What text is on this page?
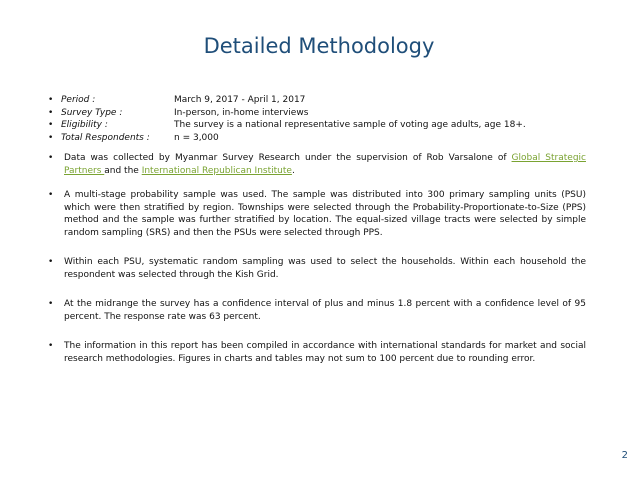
Detailed Methodology
• Period :	March 9, 2017 - April 1, 2017
• Survey Type :	In-person, in-home interviews
• Eligibility :	The survey is a national representative sample of voting age adults, age 18+.
• Total Respondents :	n = 3,000
•	Data was collected by Myanmar Survey Research under the supervision of Rob Varsalone of Global Strategic Partners and the International Republican Institute.
•	A multi-stage probability sample was used. The sample was distributed into 300 primary sampling units (PSU) which were then stratified by region. Townships were selected through the Probability-Proportionate-to-Size (PPS) method and the sample was further stratified by location. The equal-sized village tracts were selected by simple random sampling (SRS) and then the PSUs were selected through PPS.
•	Within each PSU, systematic random sampling was used to select the households. Within each household the respondent was selected through the Kish Grid.
•	At the midrange the survey has a confidence interval of plus and minus 1.8 percent with a confidence level of 95 percent. The response rate was 63 percent.
•	The information in this report has been compiled in accordance with international standards for market and social research methodologies. Figures in charts and tables may not sum to 100 percent due to rounding error.
2
